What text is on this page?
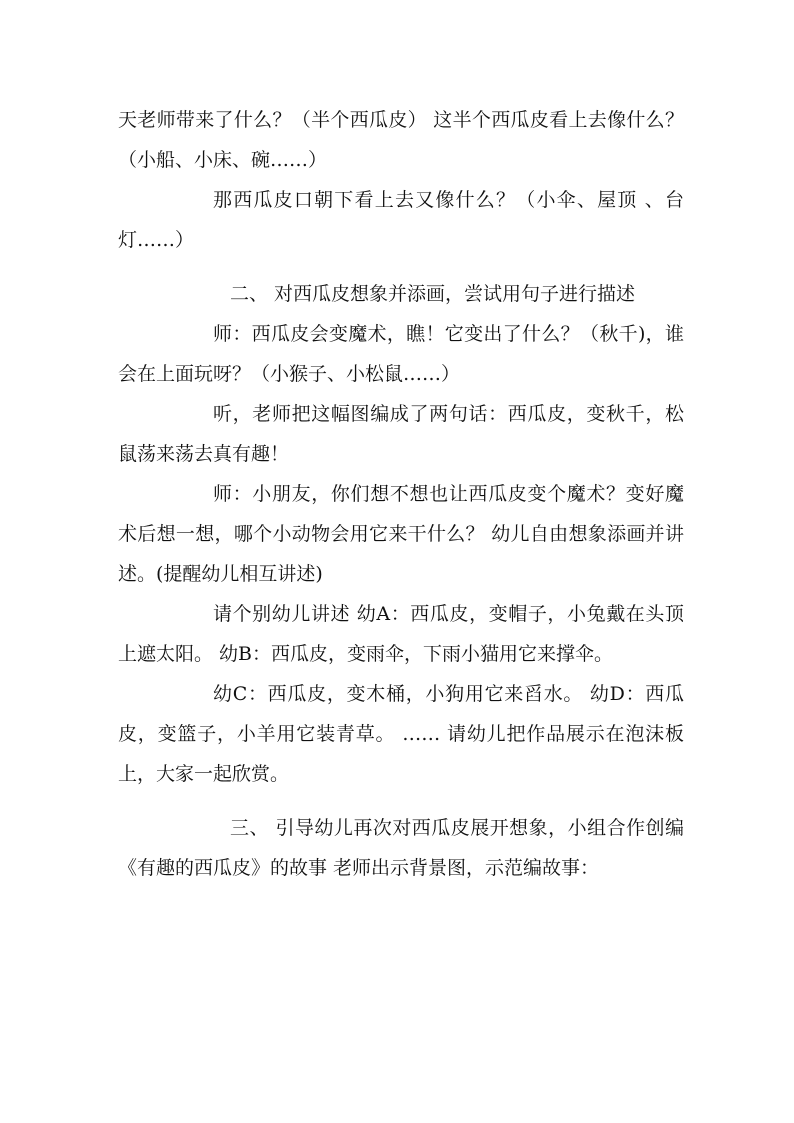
天老师带来了什么？（半个西瓜皮） 这半个西瓜皮看上去像什么？（小船、小床、碗……）

那西瓜皮口朝下看上去又像什么？（小伞、屋顶 、台灯……）

二、 对西瓜皮想象并添画，尝试用句子进行描述

师：西瓜皮会变魔术，瞧！它变出了什么？（秋千)，谁会在上面玩呀？（小猴子、小松鼠……）

听，老师把这幅图编成了两句话：西瓜皮，变秋千，松鼠荡来荡去真有趣！

师：小朋友，你们想不想也让西瓜皮变个魔术？变好魔术后想一想，哪个小动物会用它来干什么？ 幼儿自由想象添画并讲述。(提醒幼儿相互讲述)

请个别幼儿讲述 幼A：西瓜皮，变帽子，小兔戴在头顶上遮太阳。 幼B：西瓜皮，变雨伞，下雨小猫用它来撑伞。

幼C：西瓜皮，变木桶，小狗用它来舀水。 幼D：西瓜皮，变篮子，小羊用它装青草。 …… 请幼儿把作品展示在泡沫板上，大家一起欣赏。

三、 引导幼儿再次对西瓜皮展开想象，小组合作创编《有趣的西瓜皮》的故事 老师出示背景图，示范编故事：
